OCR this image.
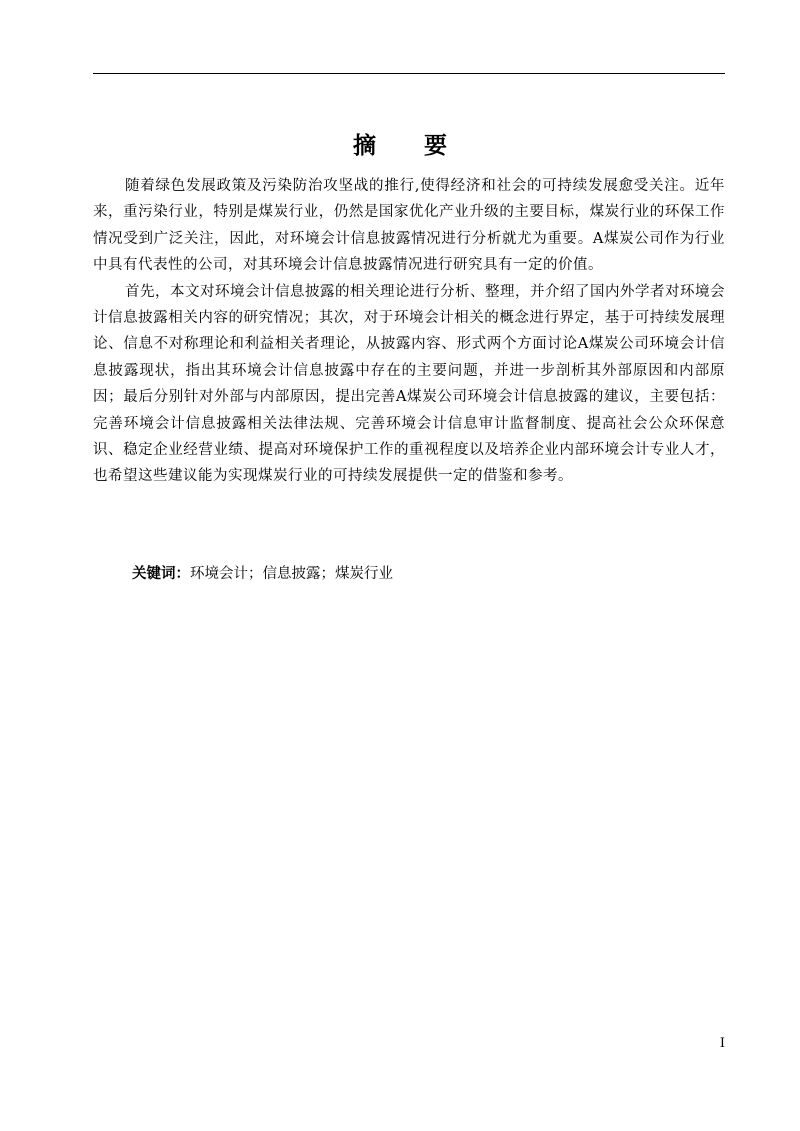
摘 要

随着绿色发展政策及污染防治攻坚战的推行,使得经济和社会的可持续发展愈受关注。近年来，重污染行业，特别是煤炭行业，仍然是国家优化产业升级的主要目标，煤炭行业的环保工作情况受到广泛关注，因此，对环境会计信息披露情况进行分析就尤为重要。A煤炭公司作为行业中具有代表性的公司，对其环境会计信息披露情况进行研究具有一定的价值。

首先，本文对环境会计信息披露的相关理论进行分析、整理，并介绍了国内外学者对环境会计信息披露相关内容的研究情况；其次，对于环境会计相关的概念进行界定，基于可持续发展理论、信息不对称理论和利益相关者理论，从披露内容、形式两个方面讨论A煤炭公司环境会计信息披露现状，指出其环境会计信息披露中存在的主要问题，并进一步剖析其外部原因和内部原因；最后分别针对外部与内部原因，提出完善A煤炭公司环境会计信息披露的建议，主要包括：完善环境会计信息披露相关法律法规、完善环境会计信息审计监督制度、提高社会公众环保意识、稳定企业经营业绩、提高对环境保护工作的重视程度以及培养企业内部环境会计专业人才，也希望这些建议能为实现煤炭行业的可持续发展提供一定的借鉴和参考。

关键词：环境会计；信息披露；煤炭行业
I
